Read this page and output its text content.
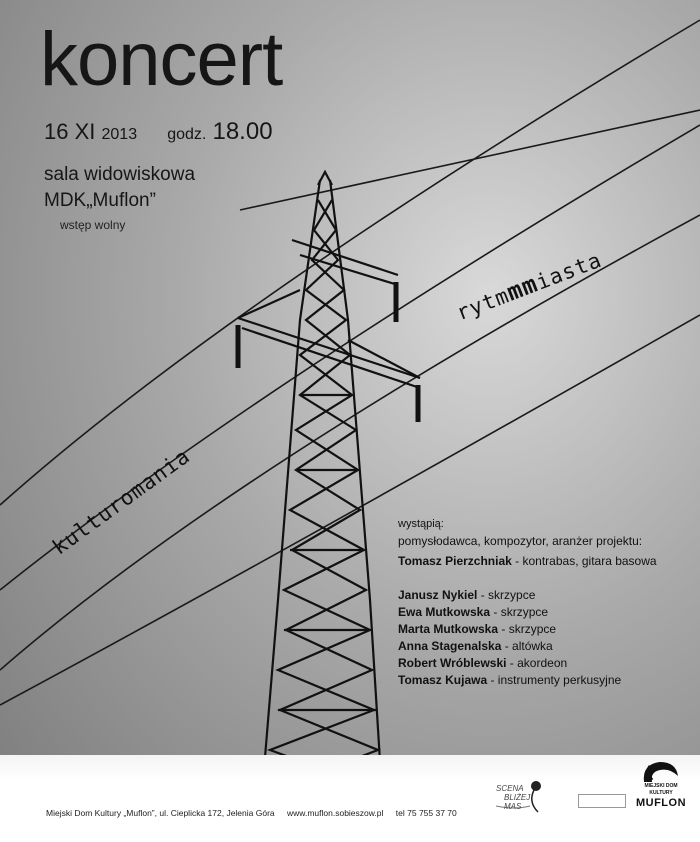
koncert
16 XI 2013 godz. 18.00
sala widowiskowa
MDK„Muflon”
wstęp wolny
kulturomania
rytmmmiasta
wystąpią:
pomysłodawca, kompozytor, aranżer projektu:
Tomasz Pierzchniak - kontrabas, gitara basowa
Janusz Nykiel - skrzypce
Ewa Mutkowska - skrzypce
Marta Mutkowska - skrzypce
Anna Stagenalska - altówka
Robert Wróblewski - akordeon
Tomasz Kujawa - instrumenty perkusyjne
Miejski Dom Kultury „Muflon”, ul. Cieplicka 172, Jelenia Góra www.muflon.sobieszow.pl tel 75 755 37 70
SCENA
BLIŻEJ MAS
MIEJSKI DOM KULTURY
MUFLON
